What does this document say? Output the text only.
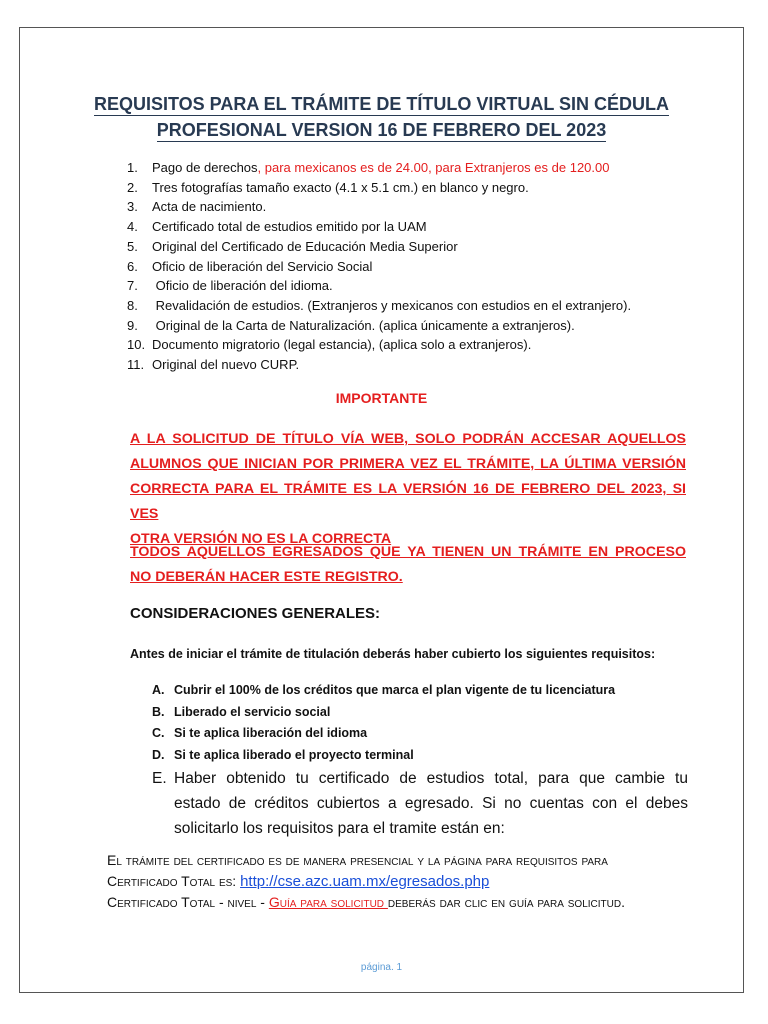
REQUISITOS PARA EL TRÁMITE DE TÍTULO VIRTUAL SIN CÉDULA
PROFESIONAL VERSION 16 DE FEBRERO DEL 2023
1. Pago de derechos, para mexicanos es de 24.00, para Extranjeros es de 120.00
2. Tres fotografías tamaño exacto (4.1 x 5.1 cm.) en blanco y negro.
3. Acta de nacimiento.
4. Certificado total de estudios emitido por la UAM
5. Original del Certificado de Educación Media Superior
6. Oficio de liberación del Servicio Social
7. Oficio de liberación del idioma.
8. Revalidación de estudios. (Extranjeros y mexicanos con estudios en el extranjero).
9. Original de la Carta de Naturalización. (aplica únicamente a extranjeros).
10. Documento migratorio (legal estancia), (aplica solo a extranjeros).
11. Original del nuevo CURP.
IMPORTANTE
A LA SOLICITUD DE TÍTULO VÍA WEB, SOLO PODRÁN ACCESAR AQUELLOS
ALUMNOS QUE INICIAN POR PRIMERA VEZ EL TRÁMITE, LA ÚLTIMA VERSIÓN
CORRECTA PARA EL TRÁMITE ES LA VERSIÓN 16 DE FEBRERO DEL 2023, SI VES
OTRA VERSIÓN NO ES LA CORRECTA
TODOS AQUELLOS EGRESADOS QUE YA TIENEN UN TRÁMITE EN PROCESO
NO DEBERÁN HACER ESTE REGISTRO.
CONSIDERACIONES GENERALES:
Antes de iniciar el trámite de titulación deberás haber cubierto los siguientes requisitos:
A. Cubrir el 100% de los créditos que marca el plan vigente de tu licenciatura
B. Liberado el servicio social
C. Si te aplica liberación del idioma
D. Si te aplica liberado el proyecto terminal
E. Haber obtenido tu certificado de estudios total, para que cambie tu
estado de créditos cubiertos a egresado. Si no cuentas con el debes
solicitarlo los requisitos para el tramite están en:
El trámite del certificado es de manera presencial y la página para requisitos para
Certificado Total es: http://cse.azc.uam.mx/egresados.php
Certificado Total - nivel - Guía para solicitud deberás dar clic en guía para solicitud.
página. 1
